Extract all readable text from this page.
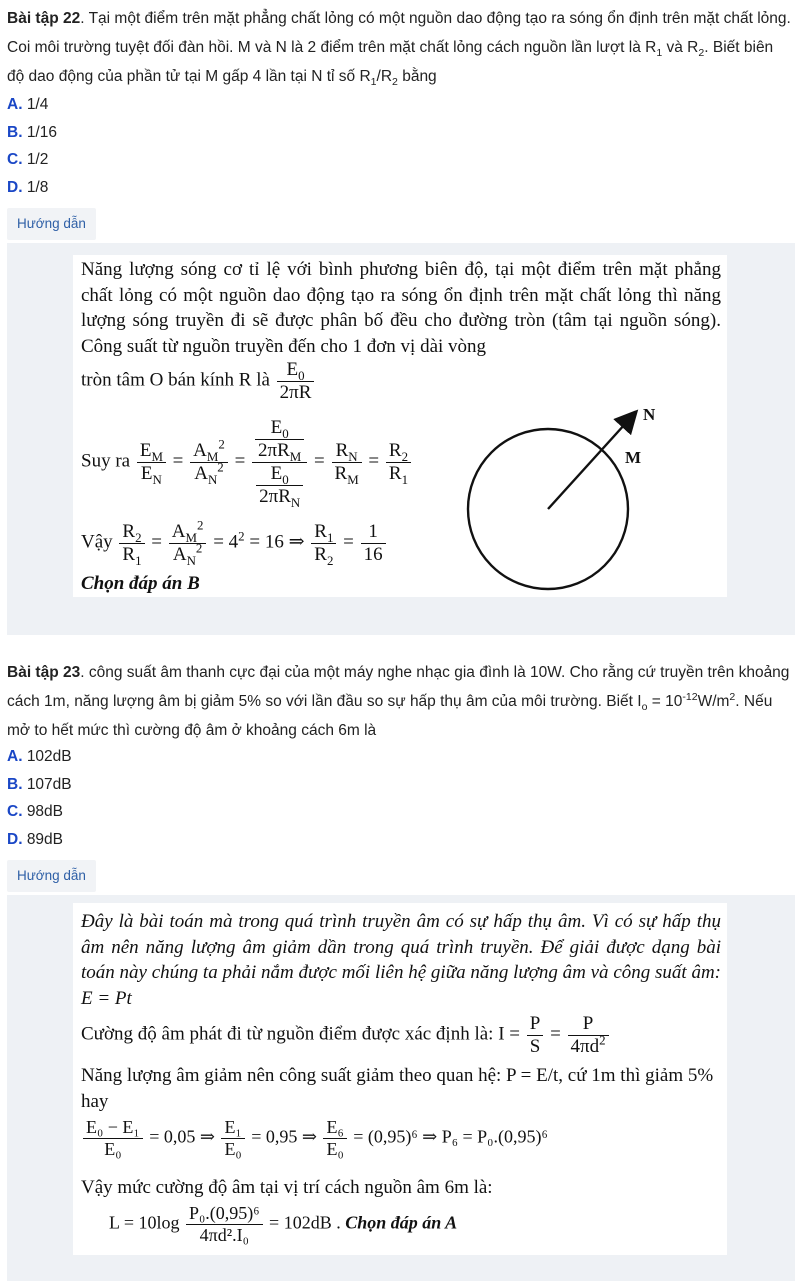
Bài tập 22. Tại một điểm trên mặt phẳng chất lỏng có một nguồn dao động tạo ra sóng ổn định trên mặt chất lỏng. Coi môi trường tuyệt đối đàn hồi. M và N là 2 điểm trên mặt chất lỏng cách nguồn lần lượt là $R_1$ và $R_2$. Biết biên độ dao động của phần tử tại M gấp 4 lần tại N tỉ số $R_1/R_2$ bằng
A. 1/4
B. 1/16
C. 1/2
D. 1/8
Hướng dẫn
Năng lượng sóng cơ tỉ lệ với bình phương biên độ, tại một điểm trên mặt phẳng chất lỏng có một nguồn dao động tạo ra sóng ổn định trên mặt chất lỏng thì năng lượng sóng truyền đi sẽ được phân bố đều cho đường tròn (tâm tại nguồn sóng). Công suất từ nguồn truyền đến cho 1 đơn vị dài vòng
tròn tâm O bán kính R là $\frac{E_0}{2\pi R}$
Suy ra $\frac{E_M}{E_N} = \frac{A_M^2}{A_N^2} = \frac{\frac{E_0}{2\pi R_M}}{\frac{E_0}{2\pi R_N}} = \frac{R_N}{R_M} = \frac{R_2}{R_1}$
Vậy $\frac{R_2}{R_1} = \frac{A_M^2}{A_N^2} = 4^2 = 16$ ⇒ $\frac{R_1}{R_2} = \frac{1}{16}$
Chọn đáp án B
N
M
Bài tập 23. công suất âm thanh cực đại của một máy nghe nhạc gia đình là 10W. Cho rằng cứ truyền trên khoảng cách 1m, năng lượng âm bị giảm 5% so với lần đầu so sự hấp thụ âm của môi trường. Biết $I_o = 10^{-12}W/m^2$. Nếu mở to hết mức thì cường độ âm ở khoảng cách 6m là
A. 102dB
B. 107dB
C. 98dB
D. 89dB
Hướng dẫn
Đây là bài toán mà trong quá trình truyền âm có sự hấp thụ âm. Vì có sự hấp thụ âm nên năng lượng âm giảm dần trong quá trình truyền. Để giải được dạng bài toán này chúng ta phải nắm được mối liên hệ giữa năng lượng âm và công suất âm: E = Pt
Cường độ âm phát đi từ nguồn điểm được xác định là: $I = \frac{P}{S} = \frac{P}{4\pi d^2}$
Năng lượng âm giảm nên công suất giảm theo quan hệ: P = E/t, cứ 1m thì giảm 5% hay
$\frac{\text{E₀ − E₁}}{\text{E₀}} = 0,05$ ⇒ $\frac{\text{E₁}}{\text{E₀}} = 0,95$ ⇒ $\frac{\text{E₆}}{\text{E₀}} = (0,95)^6$ ⇒ P₆ = P₀.(0,95)⁶
Vậy mức cường độ âm tại vị trí cách nguồn âm 6m là:
$L = 10\log \frac{\text{P₀.(0,95)⁶}}{\text{4πd².I₀}} = 102dB$ . Chọn đáp án A
